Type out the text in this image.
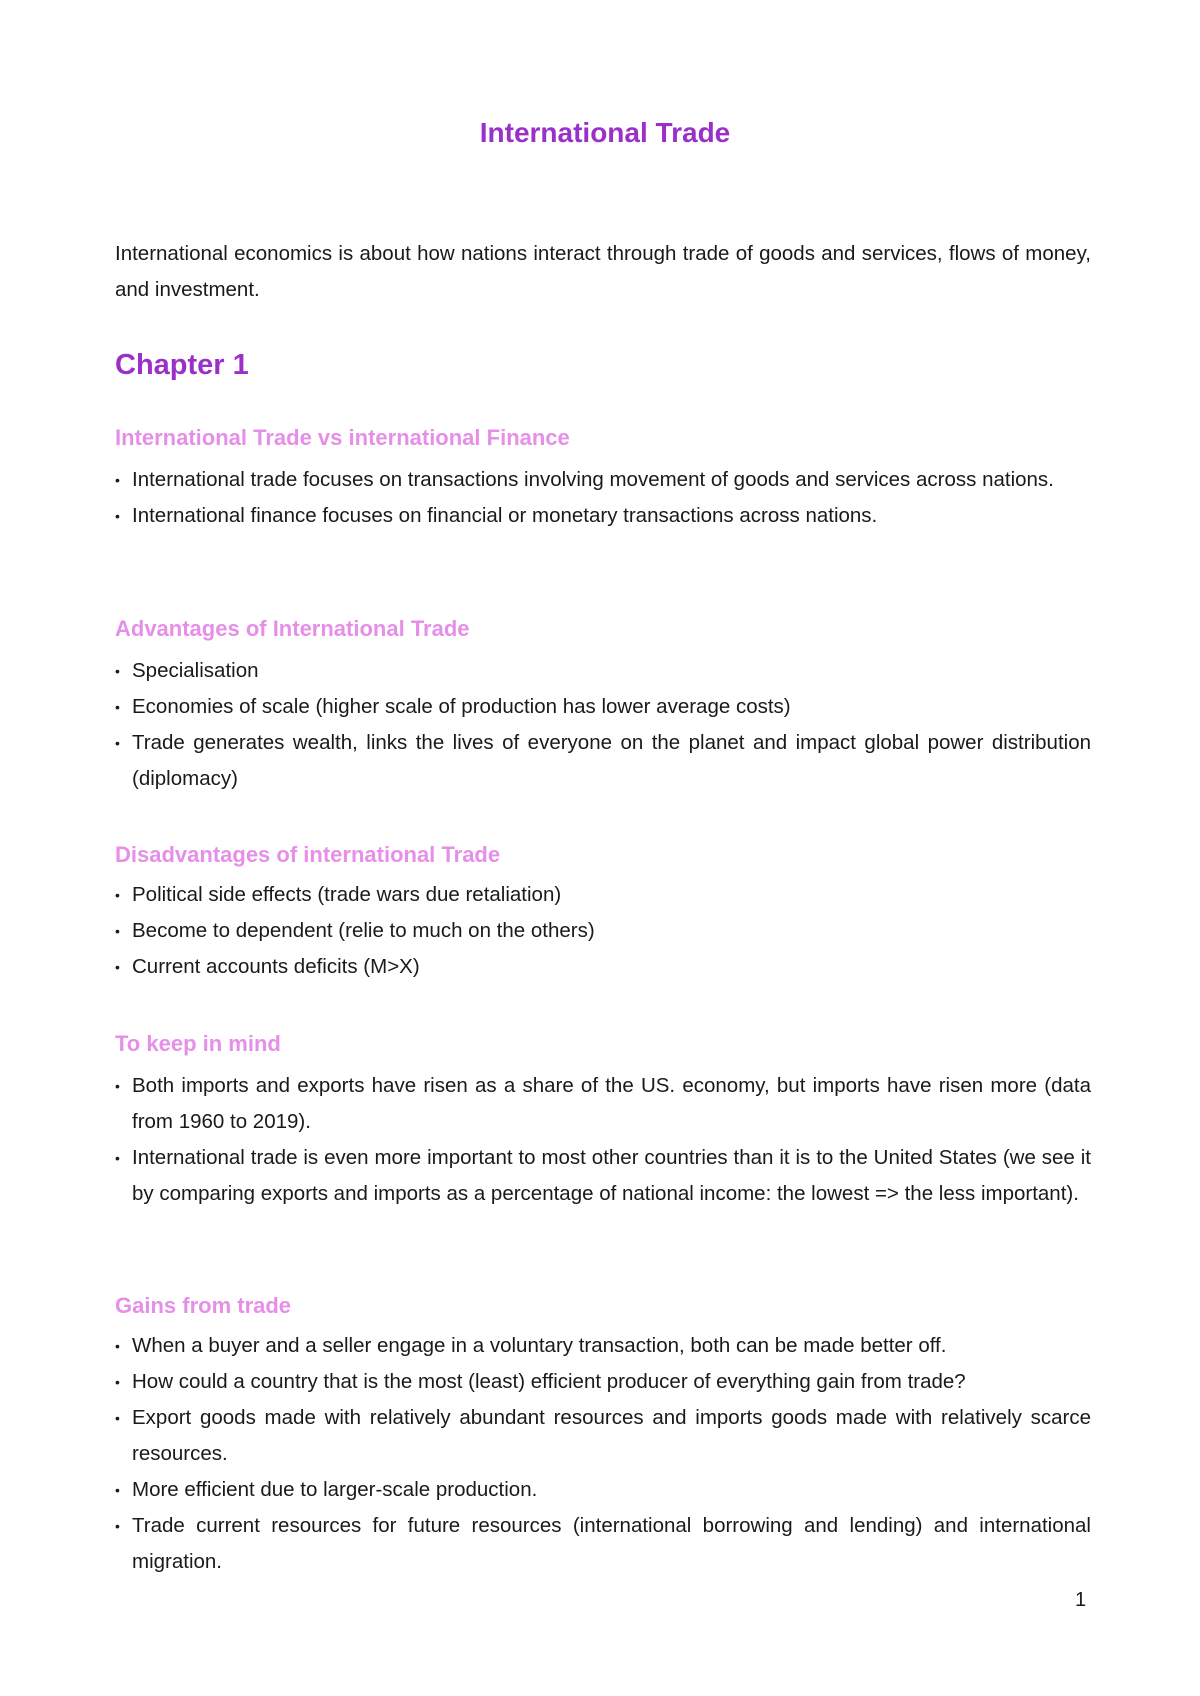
International Trade

International economics is about how nations interact through trade of goods and services, flows of money, and investment.

Chapter 1
International Trade vs international Finance
• International trade focuses on transactions involving movement of goods and services across nations.
• International finance focuses on financial or monetary transactions across nations.
Advantages of International Trade
• Specialisation
• Economies of scale (higher scale of production has lower average costs)
• Trade generates wealth, links the lives of everyone on the planet and impact global power distribution (diplomacy)
Disadvantages of international Trade
• Political side effects (trade wars due retaliation)
• Become to dependent (relie to much on the others)
• Current accounts deficits (M>X)
To keep in mind
• Both imports and exports have risen as a share of the US. economy, but imports have risen more (data from 1960 to 2019).
• International trade is even more important to most other countries than it is to the United States (we see it by comparing exports and imports as a percentage of national income: the lowest => the less important).
Gains from trade
• When a buyer and a seller engage in a voluntary transaction, both can be made better off.
• How could a country that is the most (least) efficient producer of everything gain from trade?
• Export goods made with relatively abundant resources and imports goods made with relatively scarce resources.
• More efficient due to larger-scale production.
• Trade current resources for future resources (international borrowing and lending) and international migration.

1
